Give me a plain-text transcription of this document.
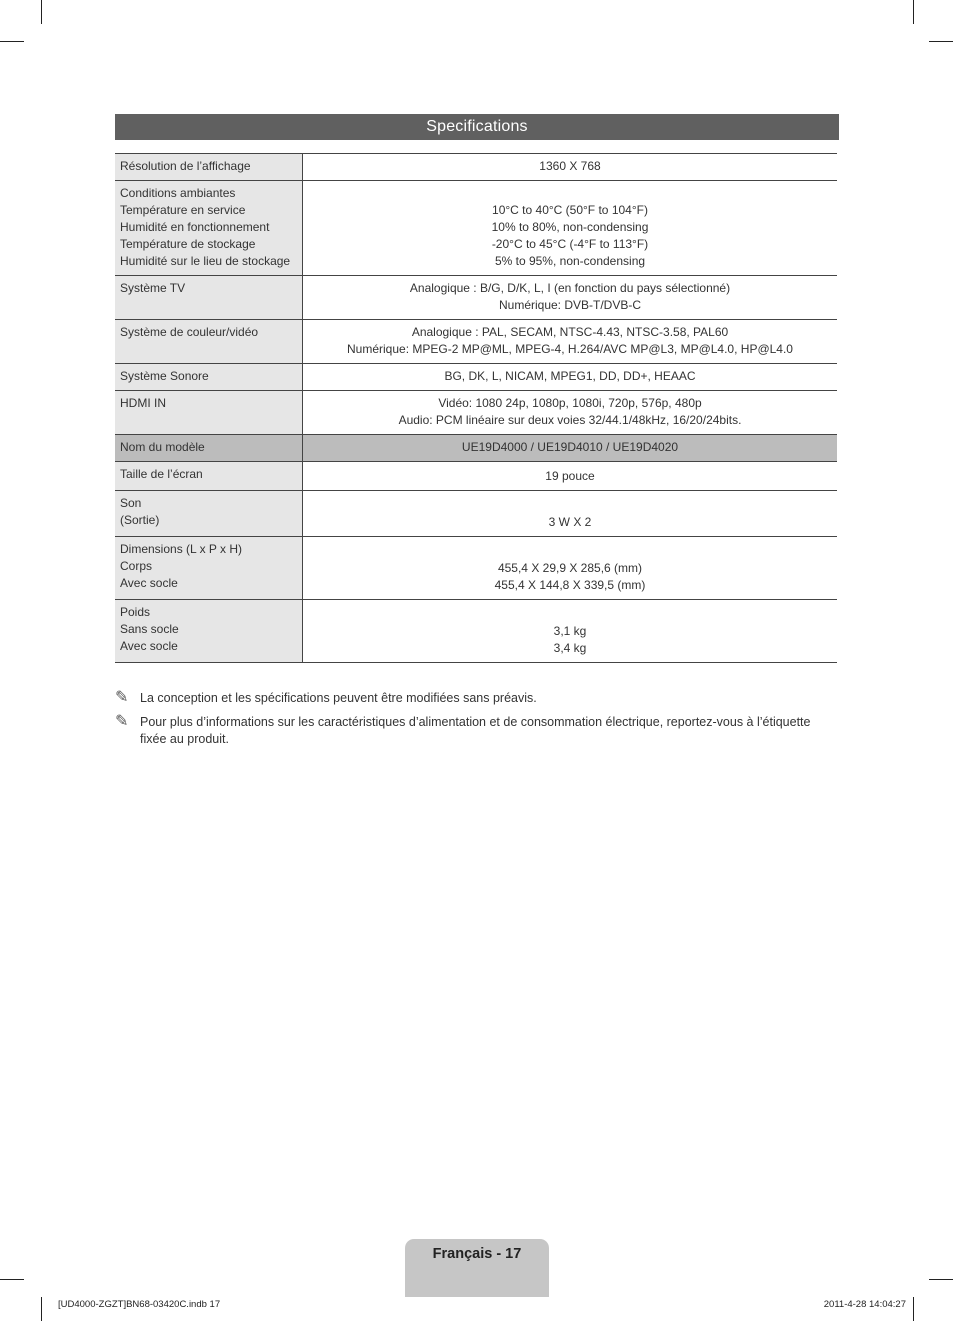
Specifications
Résolution de l’affichage	1360 X 768

Conditions ambiantes
Température en service
Humidité en fonctionnement
Température de stockage
Humidité sur le lieu de stockage	10°C to 40°C (50°F to 104°F)
10% to 80%, non-condensing
-20°C to 45°C (-4°F to 113°F)
5% to 95%, non-condensing

Système TV	Analogique : B/G, D/K, L, I (en fonction du pays sélectionné)
Numérique: DVB-T/DVB-C

Système de couleur/vidéo	Analogique : PAL, SECAM, NTSC-4.43, NTSC-3.58, PAL60
Numérique: MPEG-2 MP@ML, MPEG-4, H.264/AVC MP@L3, MP@L4.0, HP@L4.0

Système Sonore	BG, DK, L, NICAM, MPEG1, DD, DD+, HEAAC

HDMI IN	Vidéo: 1080 24p, 1080p, 1080i, 720p, 576p, 480p
Audio: PCM linéaire sur deux voies 32/44.1/48kHz, 16/20/24bits.

Nom du modèle	UE19D4000 / UE19D4010 / UE19D4020

Taille de l’écran	19 pouce

Son
(Sortie)	3 W X 2

Dimensions (L x P x H)
Corps
Avec socle	455,4 X 29,9 X 285,6 (mm)
455,4 X 144,8 X 339,5 (mm)

Poids
Sans socle
Avec socle	3,1 kg
3,4 kg
✎ La conception et les spécifications peuvent être modifiées sans préavis.
✎ Pour plus d’informations sur les caractéristiques d’alimentation et de consommation électrique, reportez-vous à l’étiquette fixée au produit.
Français - 17
[UD4000-ZGZT]BN68-03420C.indb 17	2011-4-28 14:04:27
